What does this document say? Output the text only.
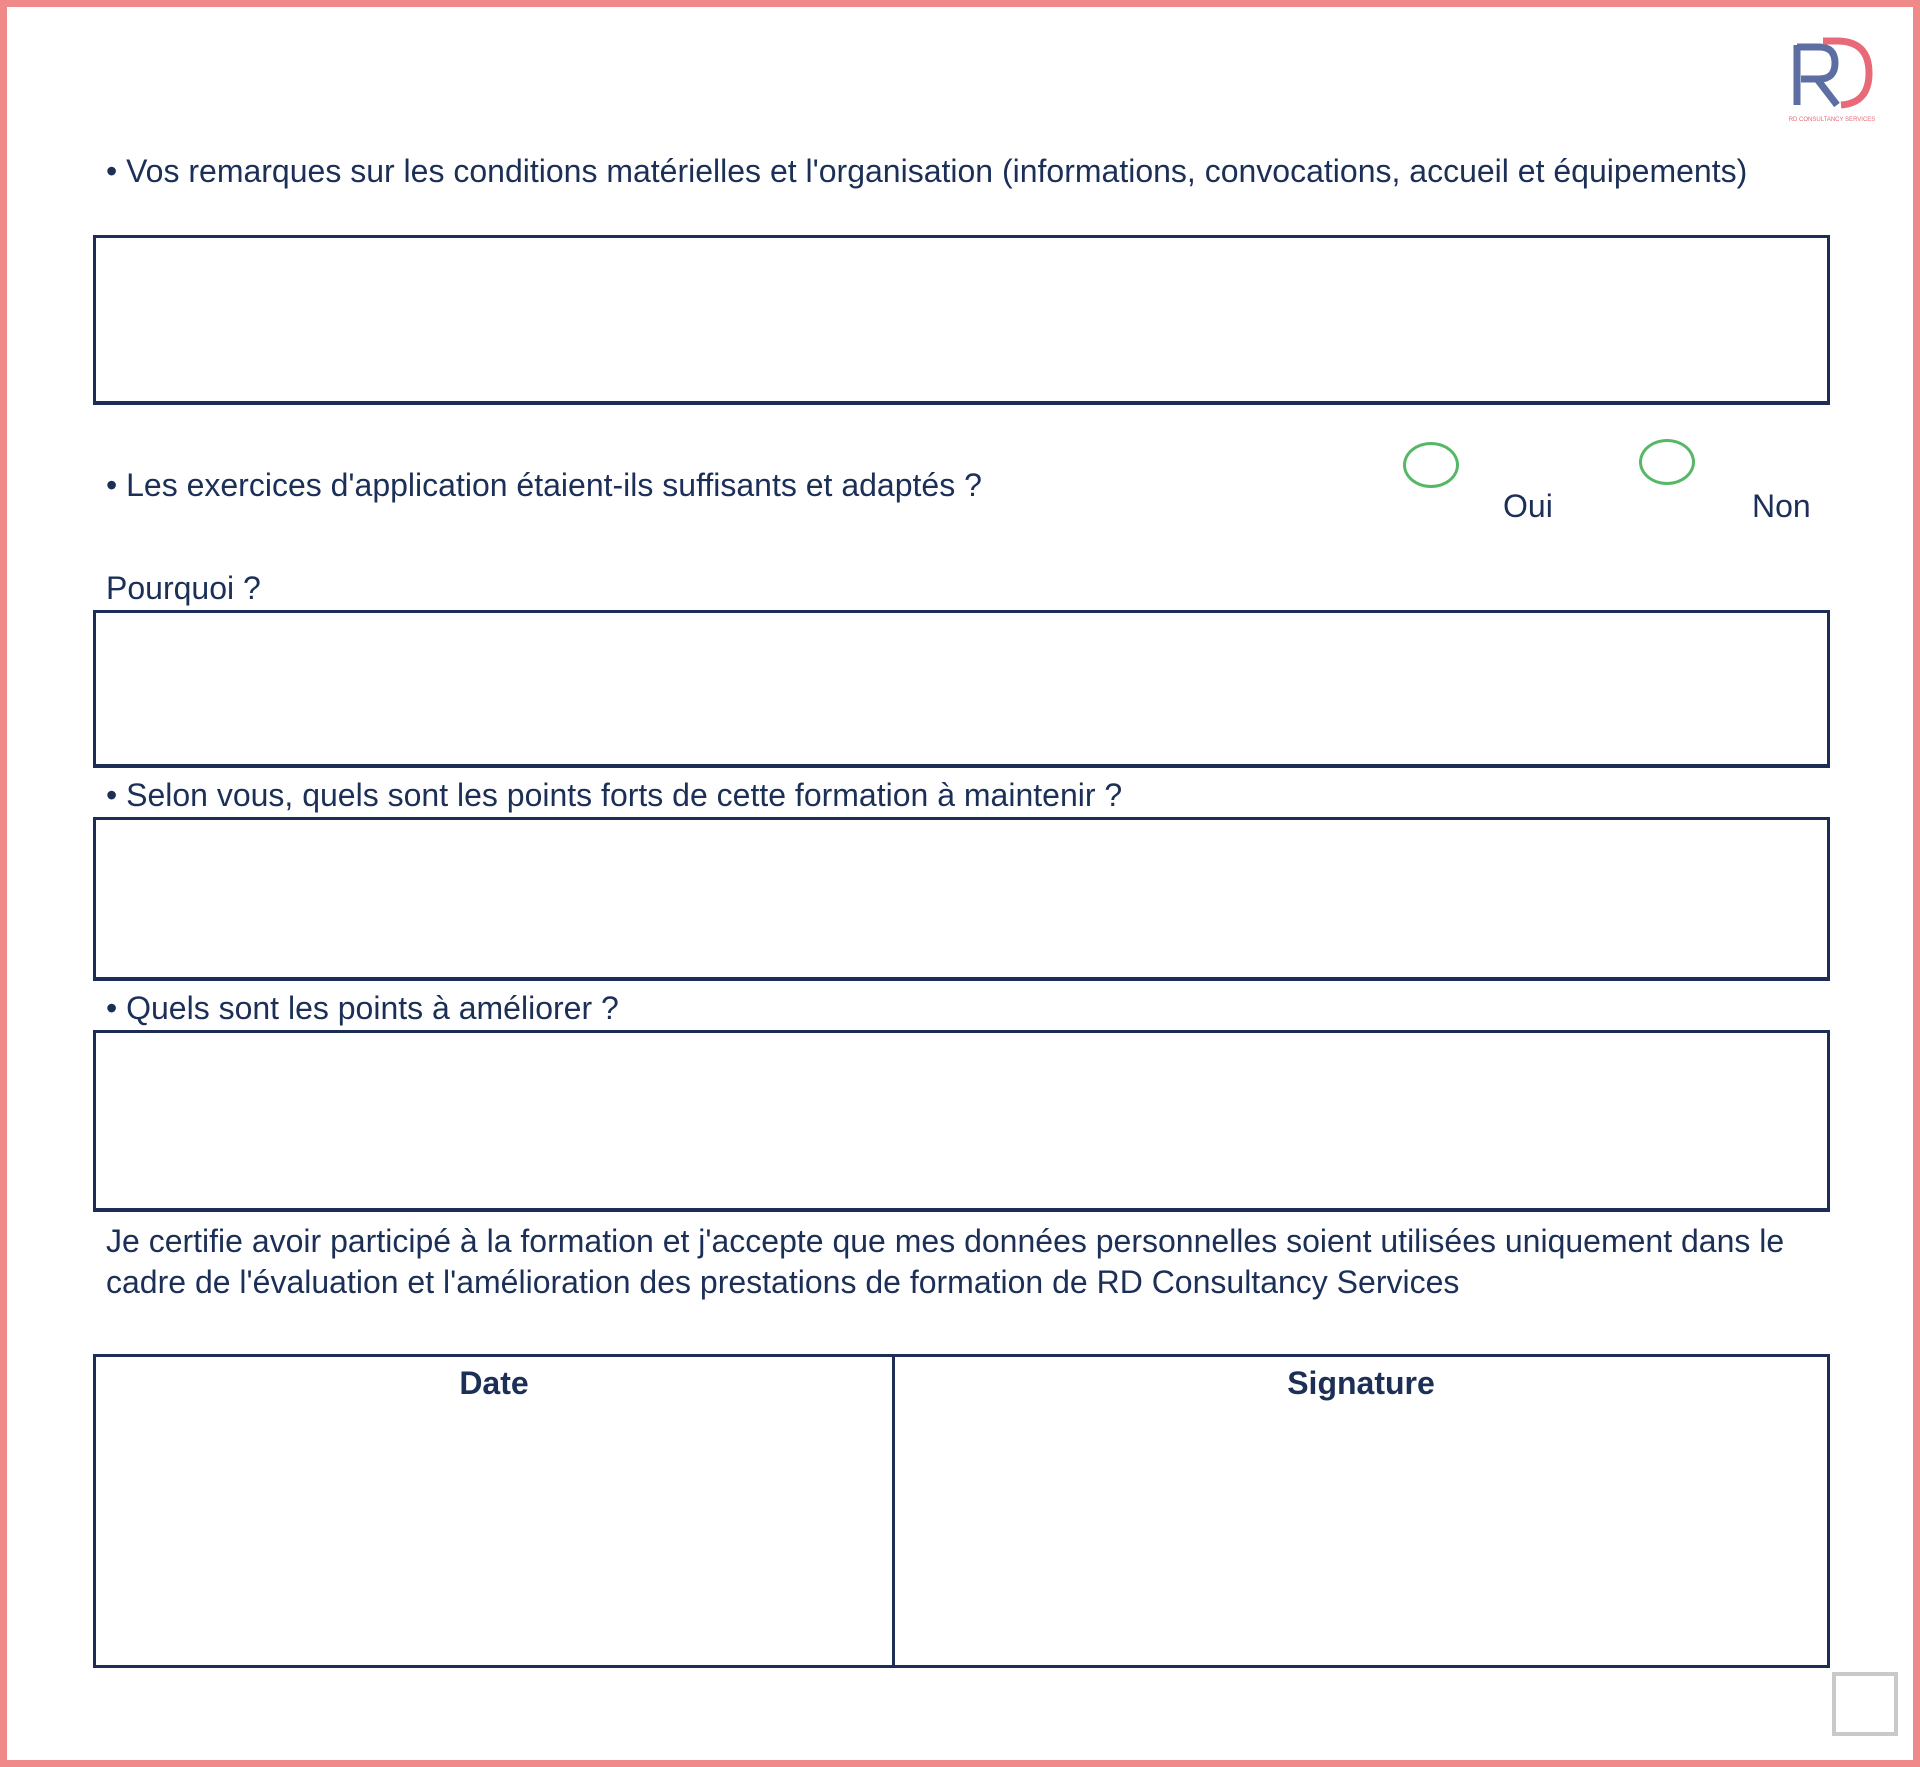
RD CONSULTANCY SERVICES
• Vos remarques sur les conditions matérielles et l'organisation (informations, convocations, accueil et équipements)
• Les exercices d'application étaient-ils suffisants et adaptés ?
Oui	Non
Pourquoi ?
• Selon vous, quels sont les points forts de cette formation à maintenir ?
• Quels sont les points à améliorer ?
Je certifie avoir participé à la formation et j'accepte que mes données personnelles soient utilisées uniquement dans le cadre de l'évaluation et l'amélioration des prestations de formation de RD Consultancy Services
Date	Signature
